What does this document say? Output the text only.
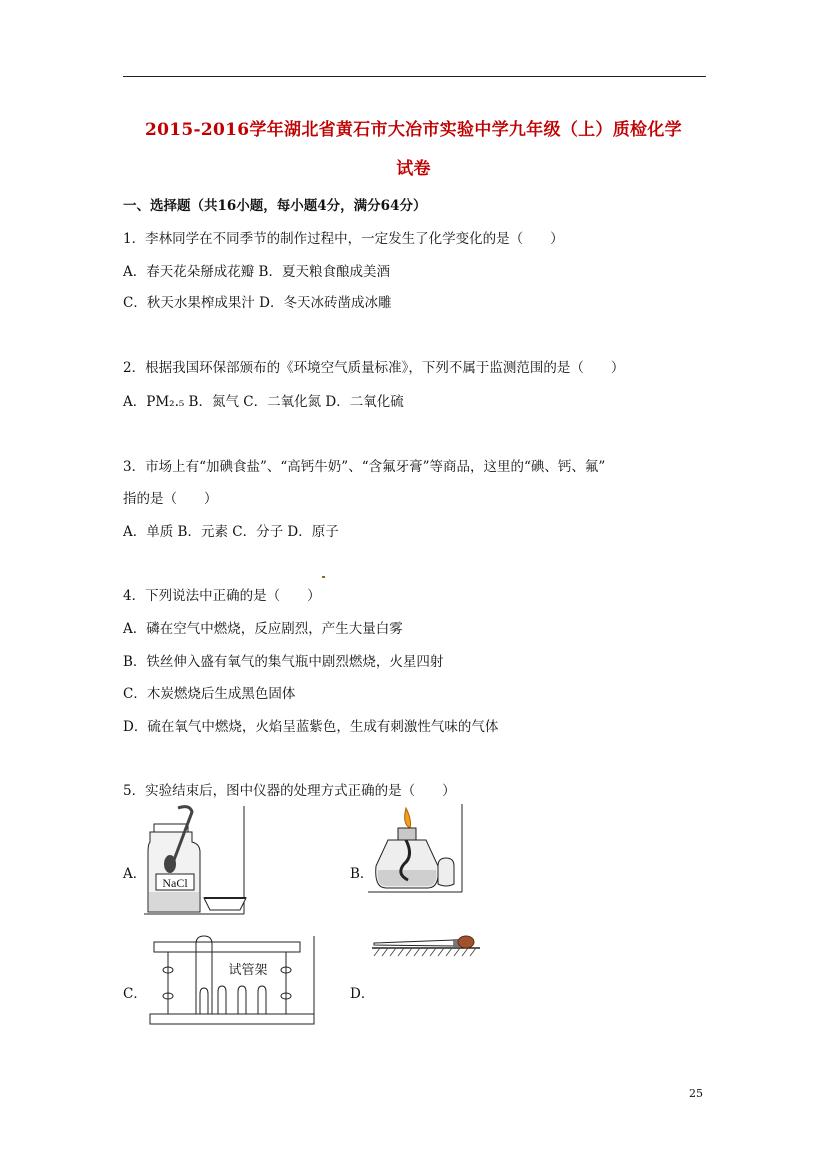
2015-2016学年湖北省黄石市大冶市实验中学九年级（上）质检化学
试卷
一、选择题（共16小题，每小题4分，满分64分）
1．李林同学在不同季节的制作过程中，一定发生了化学变化的是（　　）
A．春天花朵掰成花瓣 B．夏天粮食酿成美酒
C．秋天水果榨成果汁 D．冬天冰砖凿成冰雕
2．根据我国环保部颁布的《环境空气质量标准》，下列不属于监测范围的是（　　）
A．PM₂.₅ B．氮气 C．二氧化氮 D．二氧化硫
3．市场上有“加碘食盐”、“高钙牛奶”、“含氟牙膏”等商品，这里的“碘、钙、氟”
指的是（　　）
A．单质 B．元素 C．分子 D．原子
4．下列说法中正确的是（　　）
A．磷在空气中燃烧，反应剧烈，产生大量白雾
B．铁丝伸入盛有氧气的集气瓶中剧烈燃烧，火星四射
C．木炭燃烧后生成黑色固体
D．硫在氧气中燃烧，火焰呈蓝紫色，生成有刺激性气味的气体
5．实验结束后，图中仪器的处理方式正确的是（　　）
A．	B．
C．	D．
NaCl
试管架
25
